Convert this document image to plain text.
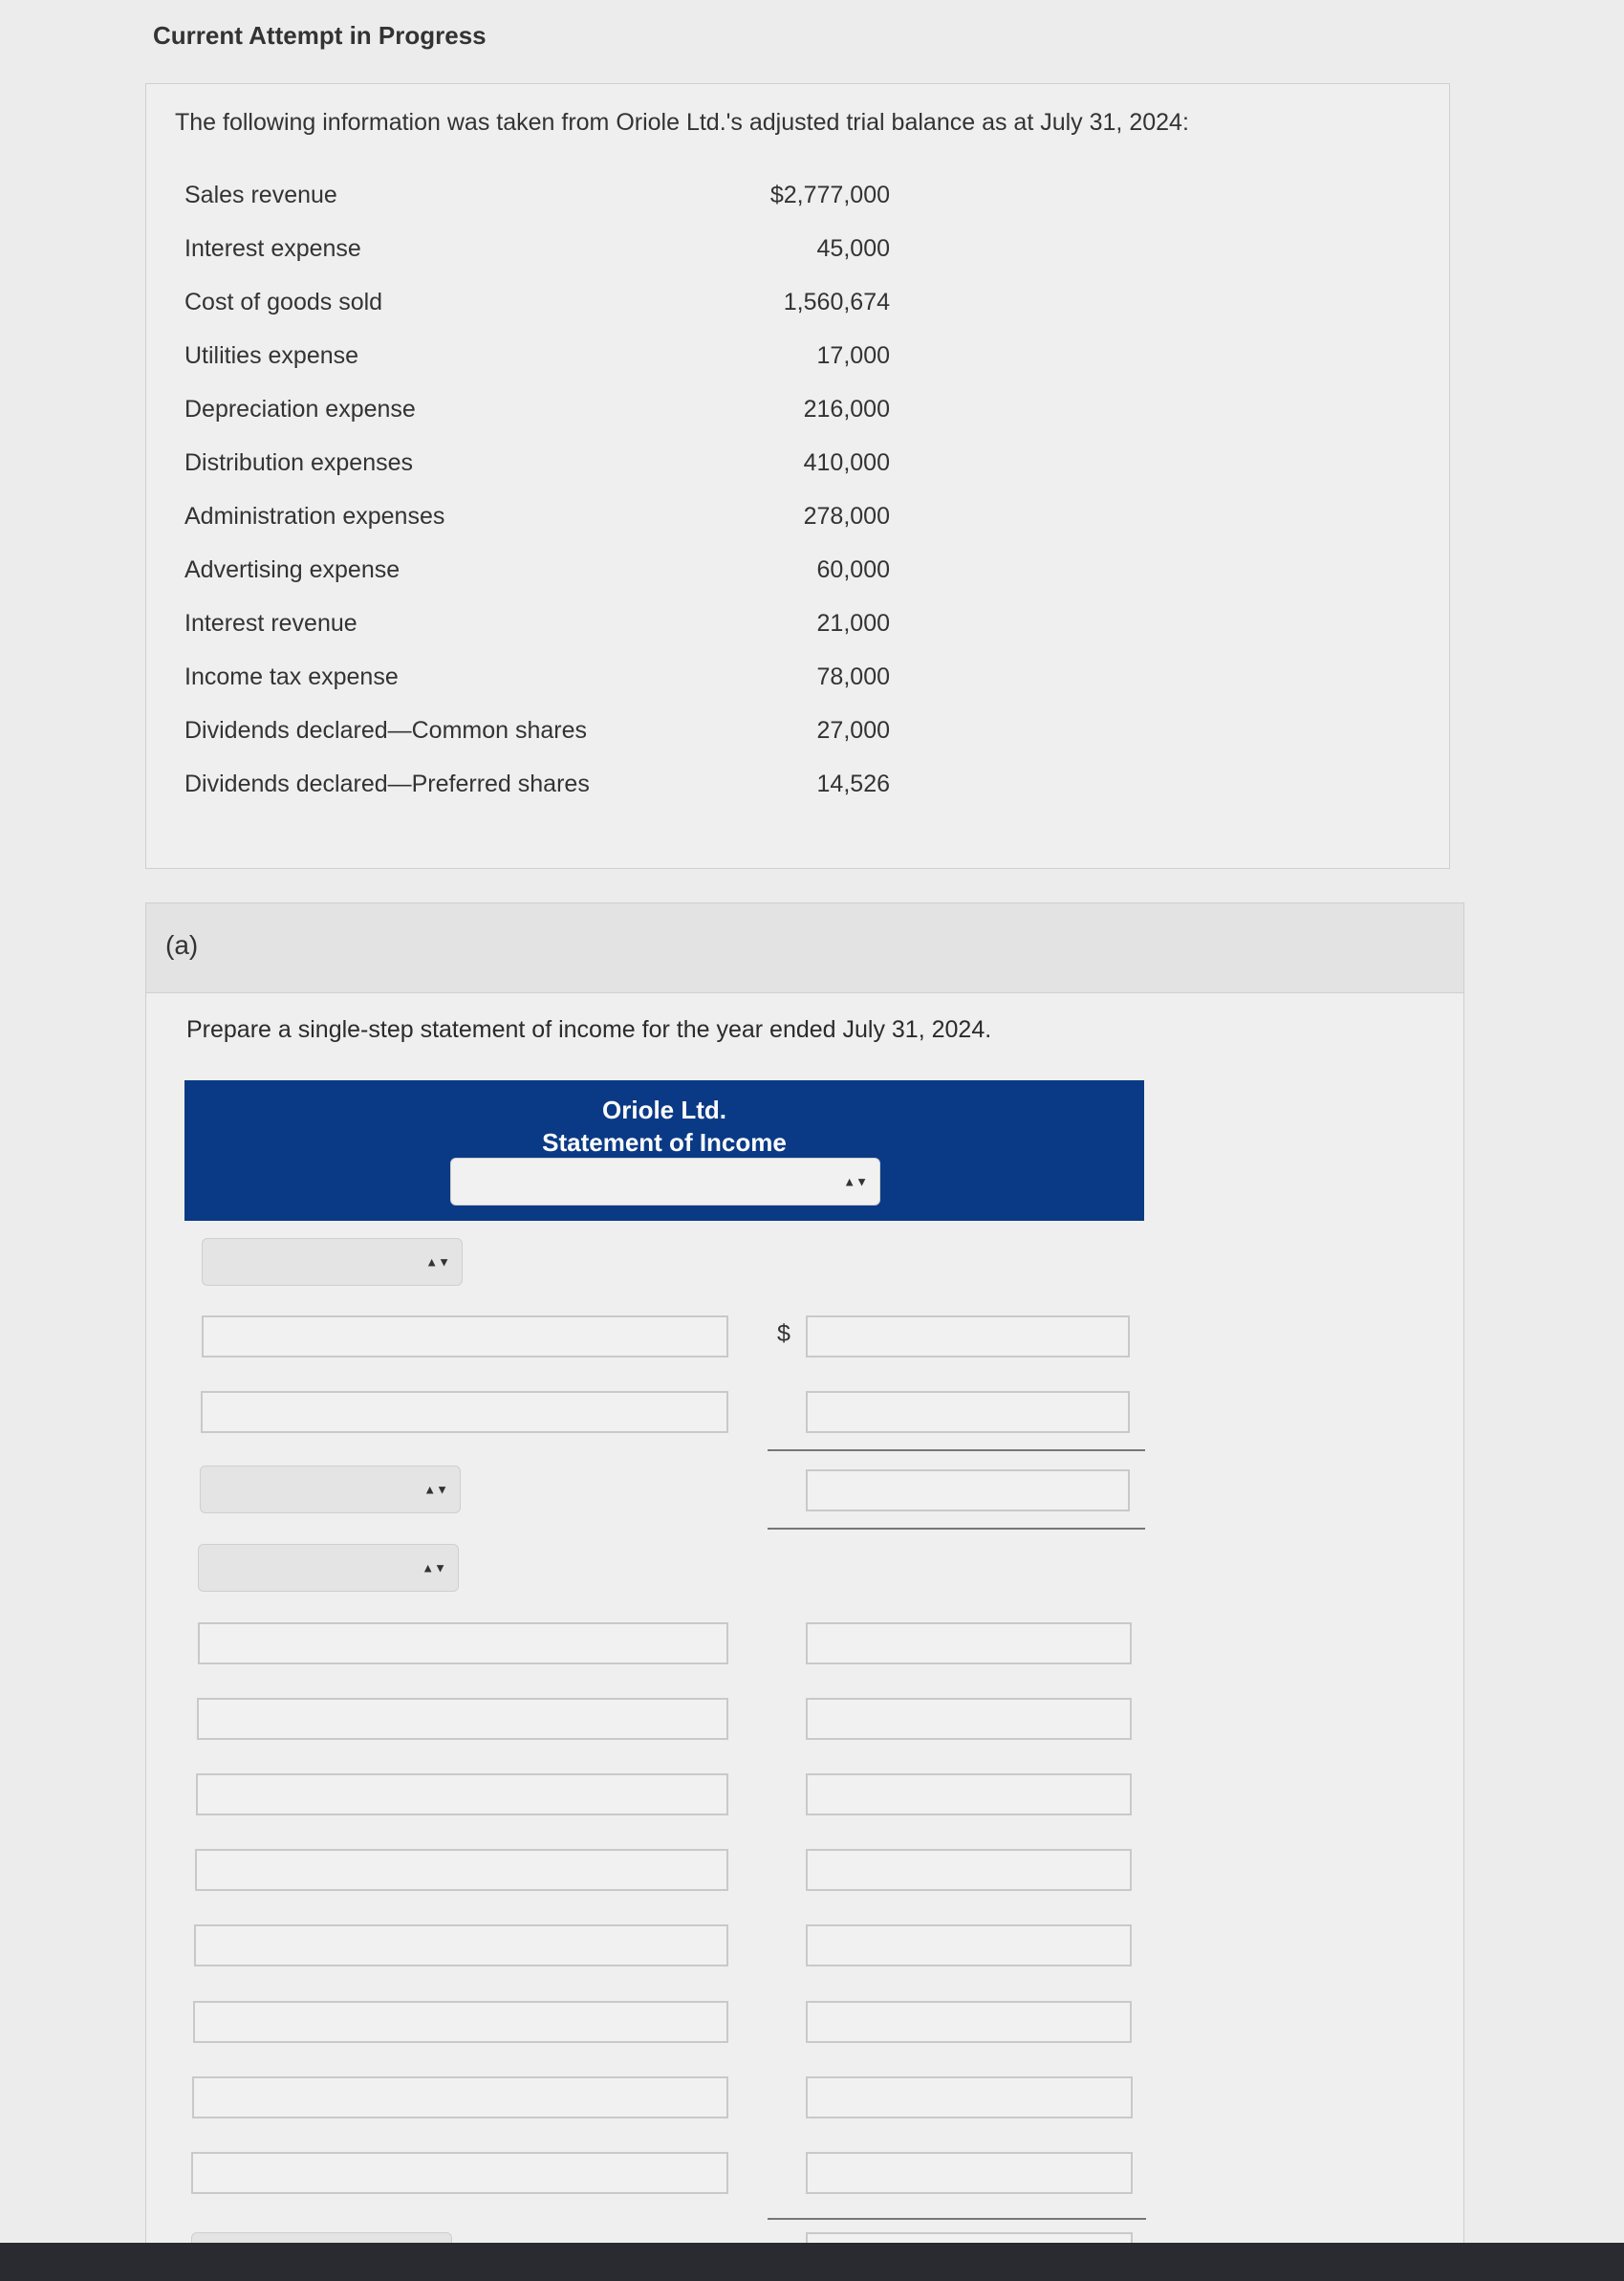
Current Attempt in Progress
The following information was taken from Oriole Ltd.'s adjusted trial balance as at July 31, 2024:
Sales revenue	$2,777,000
Interest expense	45,000
Cost of goods sold	1,560,674
Utilities expense	17,000
Depreciation expense	216,000
Distribution expenses	410,000
Administration expenses	278,000
Advertising expense	60,000
Interest revenue	21,000
Income tax expense	78,000
Dividends declared—Common shares	27,000
Dividends declared—Preferred shares	14,526
(a)
Prepare a single-step statement of income for the year ended July 31, 2024.
Oriole Ltd.
Statement of Income
▲▼
▲▼
$
▲▼
▲▼
